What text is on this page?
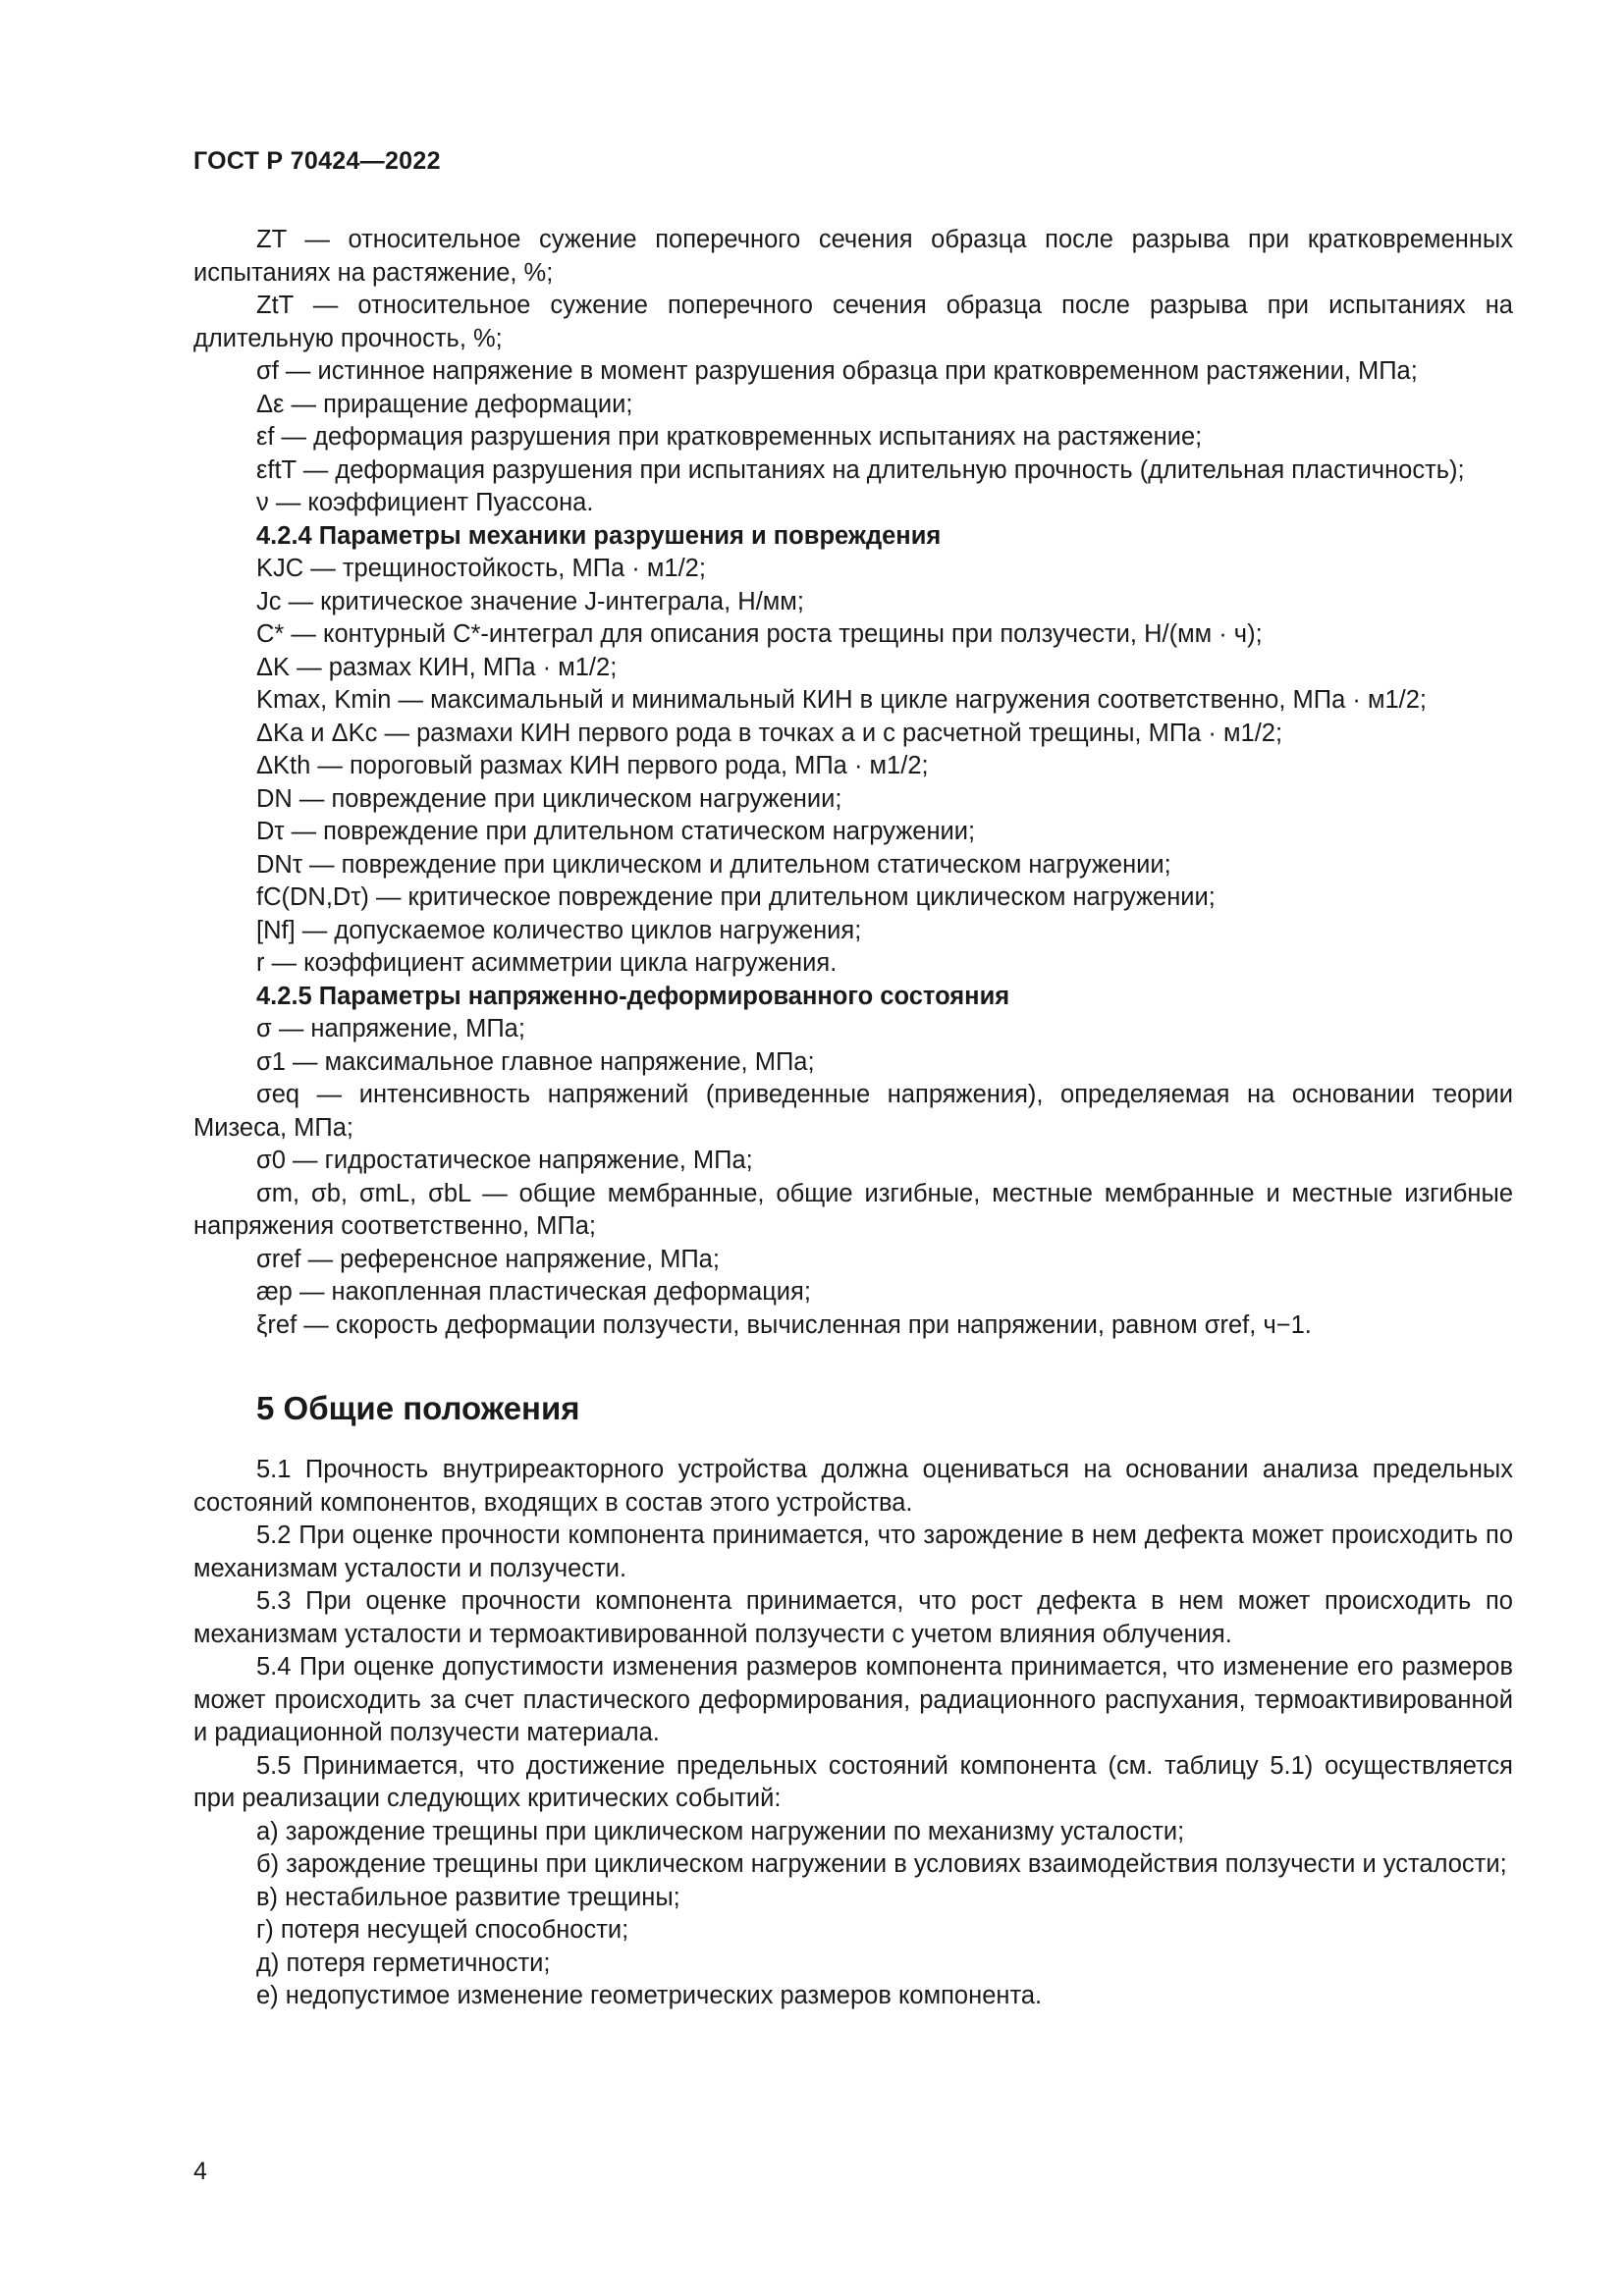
ГОСТ Р 70424—2022

ZT — относительное сужение поперечного сечения образца после разрыва при кратковременных испытаниях на растяжение, %;

ZtT — относительное сужение поперечного сечения образца после разрыва при испытаниях на длительную прочность, %;

σf — истинное напряжение в момент разрушения образца при кратковременном растяжении, МПа;

Δε — приращение деформации;

εf — деформация разрушения при кратковременных испытаниях на растяжение;

εftT — деформация разрушения при испытаниях на длительную прочность (длительная пластичность);

ν — коэффициент Пуассона.

4.2.4 Параметры механики разрушения и повреждения

KJC — трещиностойкость, МПа · м1/2;

Jc — критическое значение J-интеграла, Н/мм;

C* — контурный C*-интеграл для описания роста трещины при ползучести, Н/(мм · ч);

ΔK — размах КИН, МПа · м1/2;

Kmax, Kmin — максимальный и минимальный КИН в цикле нагружения соответственно, МПа · м1/2;

ΔKa и ΔKc — размахи КИН первого рода в точках a и c расчетной трещины, МПа · м1/2;

ΔKth — пороговый размах КИН первого рода, МПа · м1/2;

DN — повреждение при циклическом нагружении;

Dτ — повреждение при длительном статическом нагружении;

DNτ — повреждение при циклическом и длительном статическом нагружении;

fC(DN,Dτ) — критическое повреждение при длительном циклическом нагружении;

[Nf] — допускаемое количество циклов нагружения;

r — коэффициент асимметрии цикла нагружения.

4.2.5 Параметры напряженно-деформированного состояния

σ — напряжение, МПа;

σ1 — максимальное главное напряжение, МПа;

σeq — интенсивность напряжений (приведенные напряжения), определяемая на основании теории Мизеса, МПа;

σ0 — гидростатическое напряжение, МПа;

σm, σb, σmL, σbL — общие мембранные, общие изгибные, местные мембранные и местные изгибные напряжения соответственно, МПа;

σref — референсное напряжение, МПа;

æp — накопленная пластическая деформация;

ξref — скорость деформации ползучести, вычисленная при напряжении, равном σref, ч−1.

5 Общие положения

5.1 Прочность внутриреакторного устройства должна оцениваться на основании анализа предельных состояний компонентов, входящих в состав этого устройства.

5.2 При оценке прочности компонента принимается, что зарождение в нем дефекта может происходить по механизмам усталости и ползучести.

5.3 При оценке прочности компонента принимается, что рост дефекта в нем может происходить по механизмам усталости и термоактивированной ползучести с учетом влияния облучения.

5.4 При оценке допустимости изменения размеров компонента принимается, что изменение его размеров может происходить за счет пластического деформирования, радиационного распухания, термоактивированной и радиационной ползучести материала.

5.5 Принимается, что достижение предельных состояний компонента (см. таблицу 5.1) осуществляется при реализации следующих критических событий:

а) зарождение трещины при циклическом нагружении по механизму усталости;

б) зарождение трещины при циклическом нагружении в условиях взаимодействия ползучести и усталости;

в) нестабильное развитие трещины;

г) потеря несущей способности;

д) потеря герметичности;

е) недопустимое изменение геометрических размеров компонента.

4
